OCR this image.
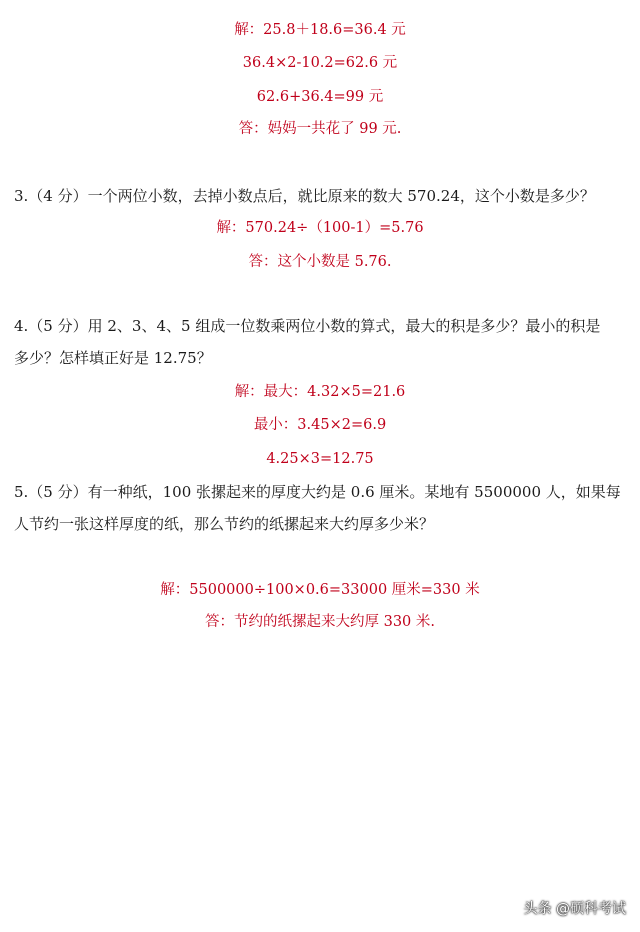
解：25.8＋18.6=36.4 元
36.4×2-10.2=62.6 元
62.6+36.4=99 元
答：妈妈一共花了 99 元.
3.（4 分）一个两位小数，去掉小数点后，就比原来的数大 570.24，这个小数是多少？
解：570.24÷（100-1）=5.76
答：这个小数是 5.76.
4.（5 分）用 2、3、4、5 组成一位数乘两位小数的算式，最大的积是多少？最小的积是
多少？怎样填正好是 12.75？
解：最大：4.32×5=21.6
最小：3.45×2=6.9
4.25×3=12.75
5.（5 分）有一种纸，100 张摞起来的厚度大约是 0.6 厘米。某地有 5500000 人，如果每
人节约一张这样厚度的纸，那么节约的纸摞起来大约厚多少米？
解：5500000÷100×0.6=33000 厘米=330 米
答：节约的纸摞起来大约厚 330 米.
头条 @硕科考试
